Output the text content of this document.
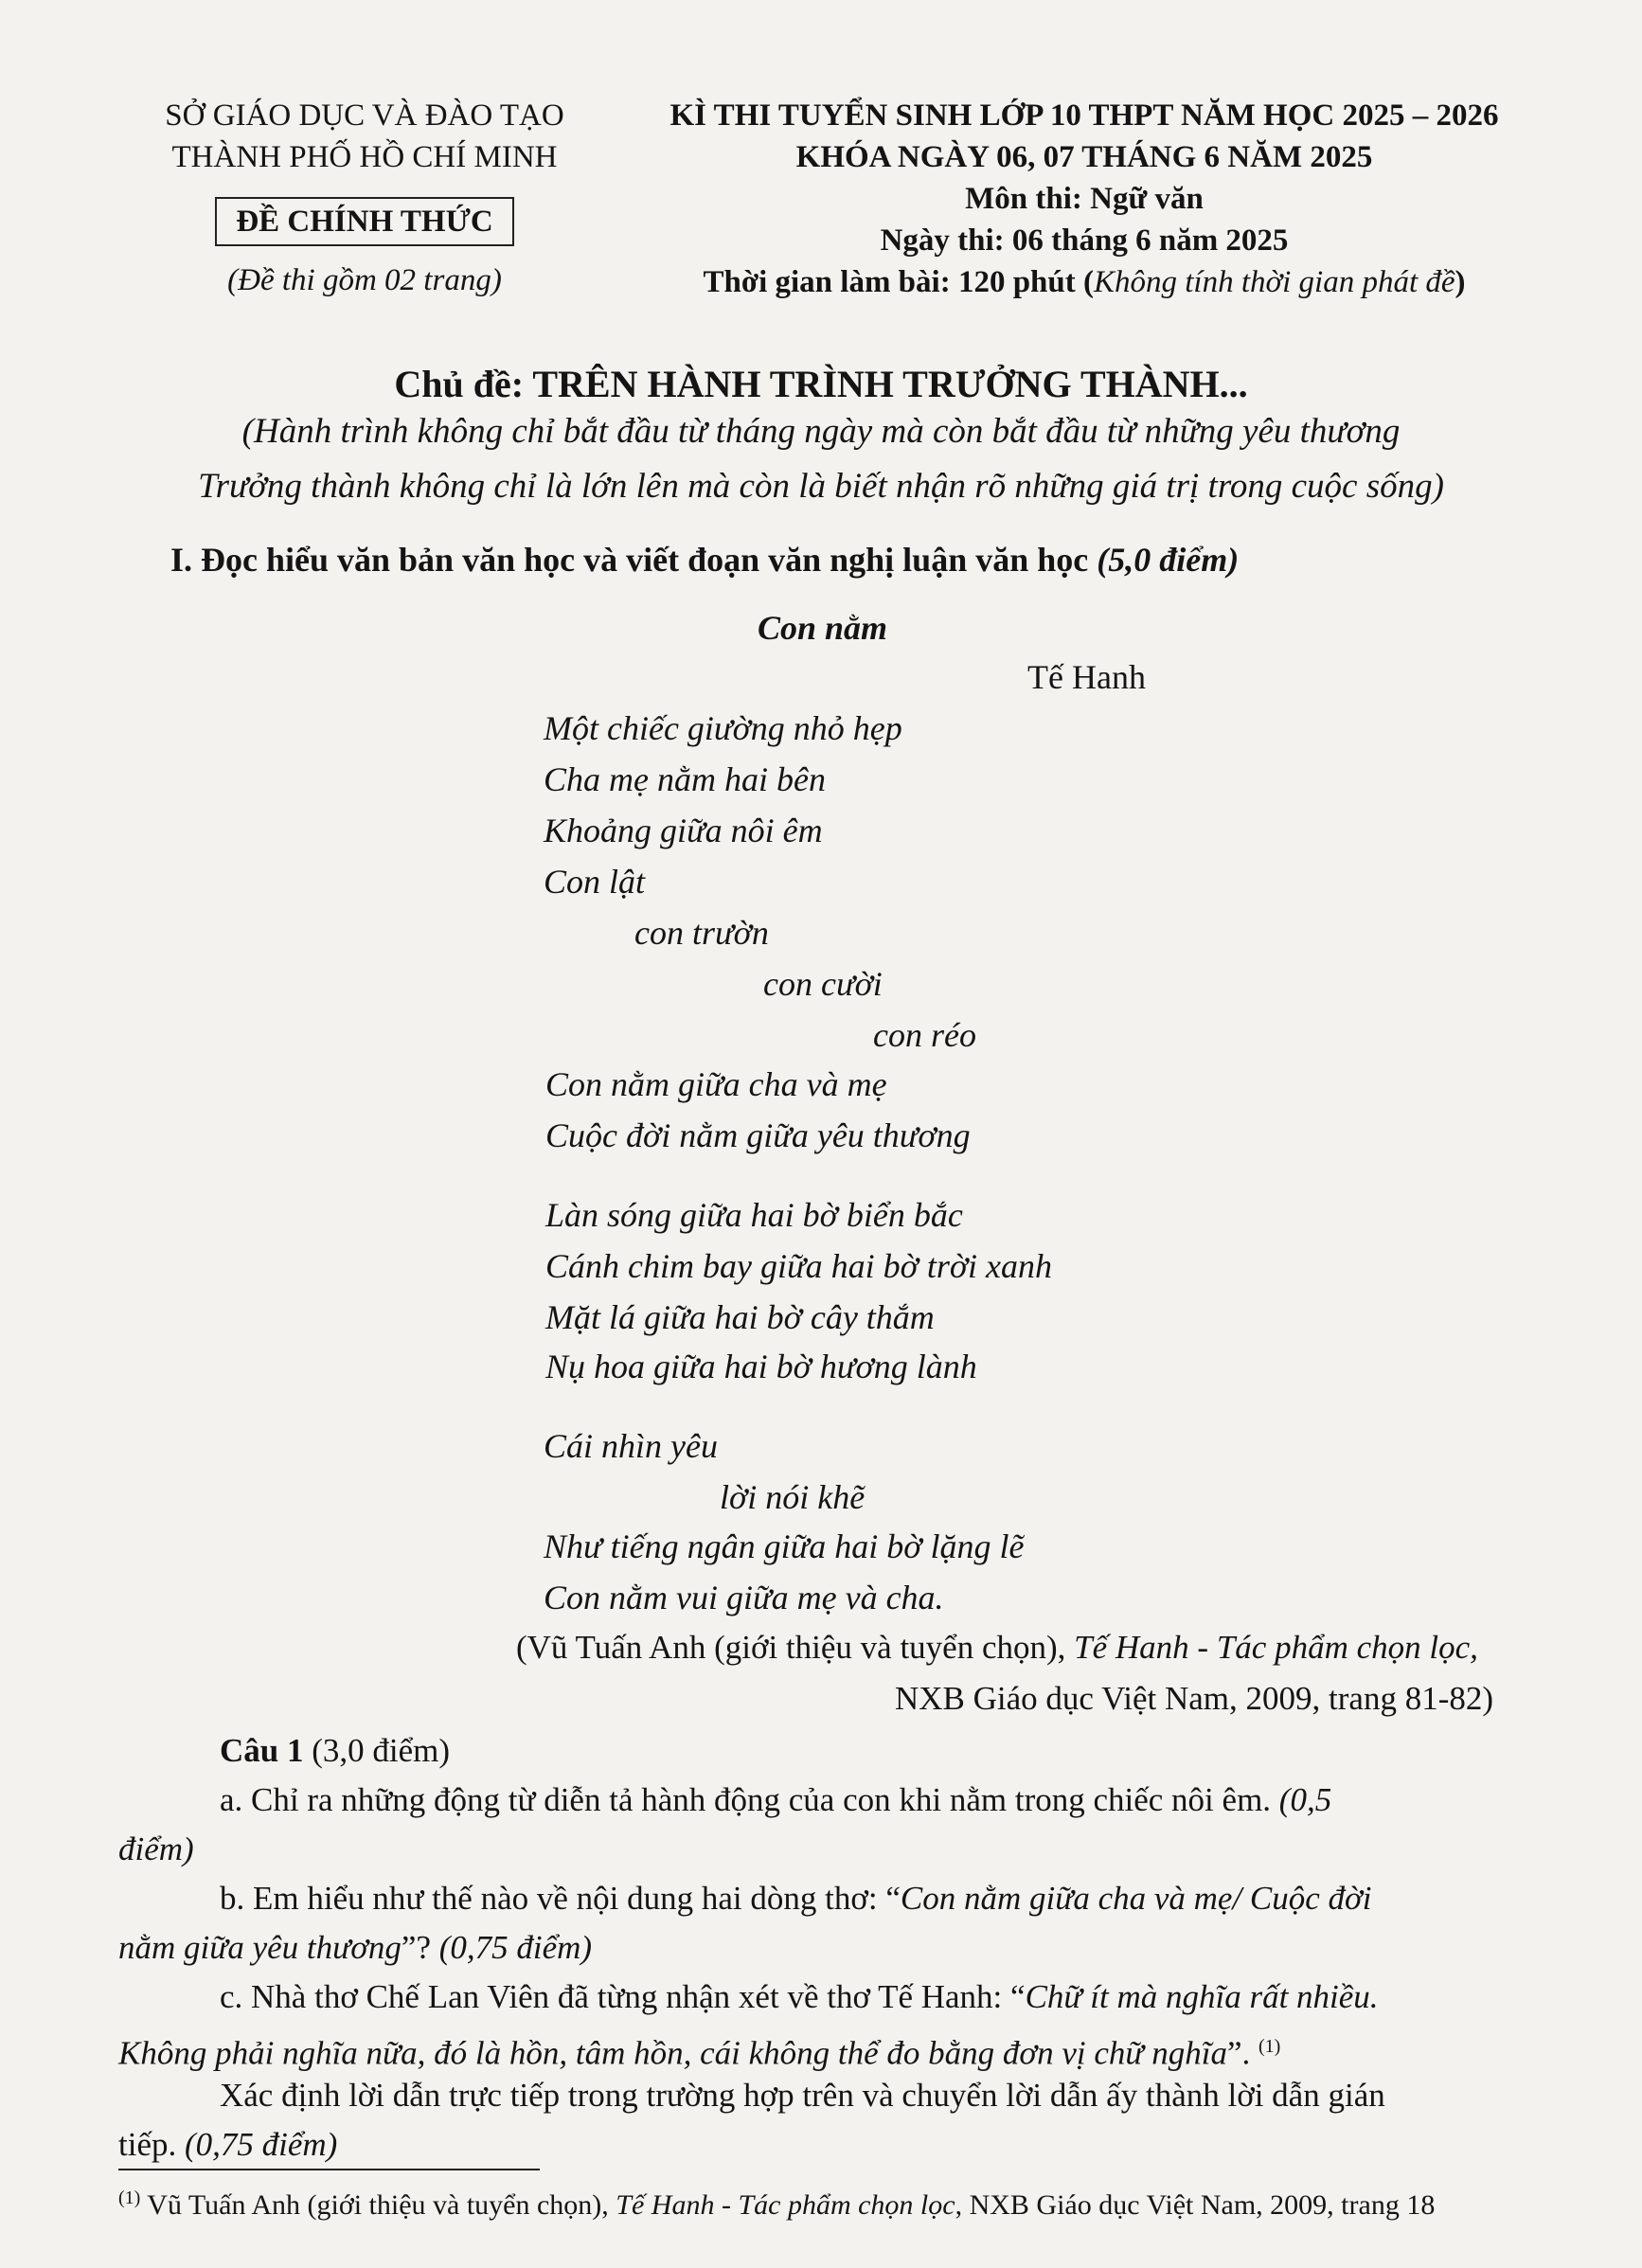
SỞ GIÁO DỤC VÀ ĐÀO TẠO
THÀNH PHỐ HỒ CHÍ MINH
ĐỀ CHÍNH THỨC
(Đề thi gồm 02 trang)
KÌ THI TUYỂN SINH LỚP 10 THPT NĂM HỌC 2025 – 2026
KHÓA NGÀY 06, 07 THÁNG 6 NĂM 2025
Môn thi: Ngữ văn
Ngày thi: 06 tháng 6 năm 2025
Thời gian làm bài: 120 phút (Không tính thời gian phát đề)
Chủ đề: TRÊN HÀNH TRÌNH TRƯỞNG THÀNH...
(Hành trình không chỉ bắt đầu từ tháng ngày mà còn bắt đầu từ những yêu thương
Trưởng thành không chỉ là lớn lên mà còn là biết nhận rõ những giá trị trong cuộc sống)
I. Đọc hiểu văn bản văn học và viết đoạn văn nghị luận văn học (5,0 điểm)
Con nằm
Tế Hanh
Một chiếc giường nhỏ hẹp
Cha mẹ nằm hai bên
Khoảng giữa nôi êm
Con lật
con trườn
con cười
con réo
Con nằm giữa cha và mẹ
Cuộc đời nằm giữa yêu thương
Làn sóng giữa hai bờ biển bắc
Cánh chim bay giữa hai bờ trời xanh
Mặt lá giữa hai bờ cây thắm
Nụ hoa giữa hai bờ hương lành
Cái nhìn yêu
lời nói khẽ
Như tiếng ngân giữa hai bờ lặng lẽ
Con nằm vui giữa mẹ và cha.
(Vũ Tuấn Anh (giới thiệu và tuyển chọn), Tế Hanh - Tác phẩm chọn lọc,
NXB Giáo dục Việt Nam, 2009, trang 81-82)
Câu 1 (3,0 điểm)
a. Chỉ ra những động từ diễn tả hành động của con khi nằm trong chiếc nôi êm. (0,5
điểm)
b. Em hiểu như thế nào về nội dung hai dòng thơ: “Con nằm giữa cha và mẹ/ Cuộc đời
nằm giữa yêu thương”? (0,75 điểm)
c. Nhà thơ Chế Lan Viên đã từng nhận xét về thơ Tế Hanh: “Chữ ít mà nghĩa rất nhiều.
Không phải nghĩa nữa, đó là hồn, tâm hồn, cái không thể đo bằng đơn vị chữ nghĩa”. $^{(1)}$
Xác định lời dẫn trực tiếp trong trường hợp trên và chuyển lời dẫn ấy thành lời dẫn gián
tiếp. (0,75 điểm)
$^{(1)}$ Vũ Tuấn Anh (giới thiệu và tuyển chọn), Tế Hanh - Tác phẩm chọn lọc, NXB Giáo dục Việt Nam, 2009, trang 18
